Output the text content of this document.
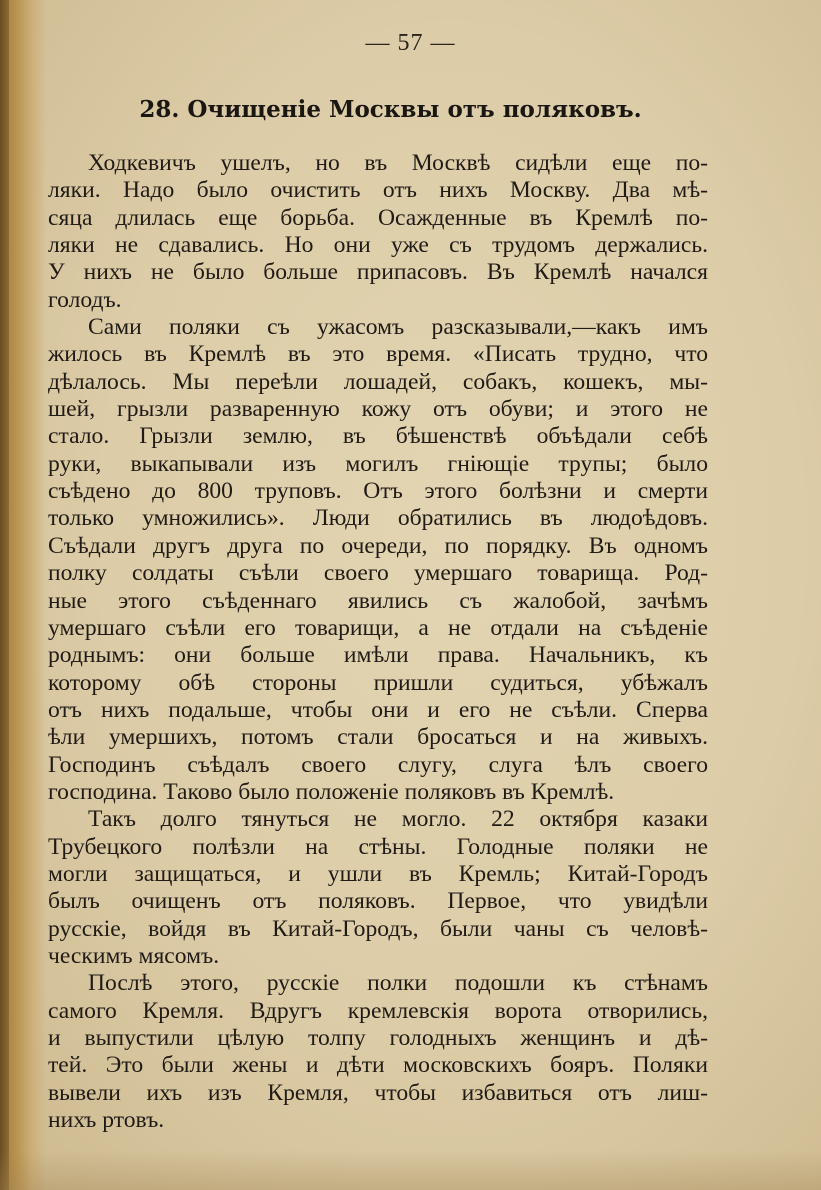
— 57 —
28. Очищеніе Москвы отъ поляковъ.
Ходкевичъ ушелъ, но въ Москвѣ сидѣли еще по-
ляки. Надо было очистить отъ нихъ Москву. Два мѣ-
сяца длилась еще борьба. Осажденные въ Кремлѣ по-
ляки не сдавались. Но они уже съ трудомъ держались.
У нихъ не было больше припасовъ. Въ Кремлѣ начался
голодъ.
Сами поляки съ ужасомъ разсказывали,—какъ имъ
жилось въ Кремлѣ въ это время. «Писать трудно, что
дѣлалось. Мы переѣли лошадей, собакъ, кошекъ, мы-
шей, грызли разваренную кожу отъ обуви; и этого не
стало. Грызли землю, въ бѣшенствѣ объѣдали себѣ
руки, выкапывали изъ могилъ гніющіе трупы; было
съѣдено до 800 труповъ. Отъ этого болѣзни и смерти
только умножились». Люди обратились въ людоѣдовъ.
Съѣдали другъ друга по очереди, по порядку. Въ одномъ
полку солдаты съѣли своего умершаго товарища. Род-
ные этого съѣденнаго явились съ жалобой, зачѣмъ
умершаго съѣли его товарищи, а не отдали на съѣденіе
роднымъ: они больше имѣли права. Начальникъ, къ
которому обѣ стороны пришли судиться, убѣжалъ
отъ нихъ подальше, чтобы они и его не съѣли. Сперва
ѣли умершихъ, потомъ стали бросаться и на живыхъ.
Господинъ съѣдалъ своего слугу, слуга ѣлъ своего
господина. Таково было положеніе поляковъ въ Кремлѣ.
Такъ долго тянуться не могло. 22 октября казаки
Трубецкого полѣзли на стѣны. Голодные поляки не
могли защищаться, и ушли въ Кремль; Китай-Городъ
былъ очищенъ отъ поляковъ. Первое, что увидѣли
русскіе, войдя въ Китай-Городъ, были чаны съ человѣ-
ческимъ мясомъ.
Послѣ этого, русскіе полки подошли къ стѣнамъ
самого Кремля. Вдругъ кремлевскія ворота отворились,
и выпустили цѣлую толпу голодныхъ женщинъ и дѣ-
тей. Это были жены и дѣти московскихъ бояръ. Поляки
вывели ихъ изъ Кремля, чтобы избавиться отъ лиш-
нихъ ртовъ.
